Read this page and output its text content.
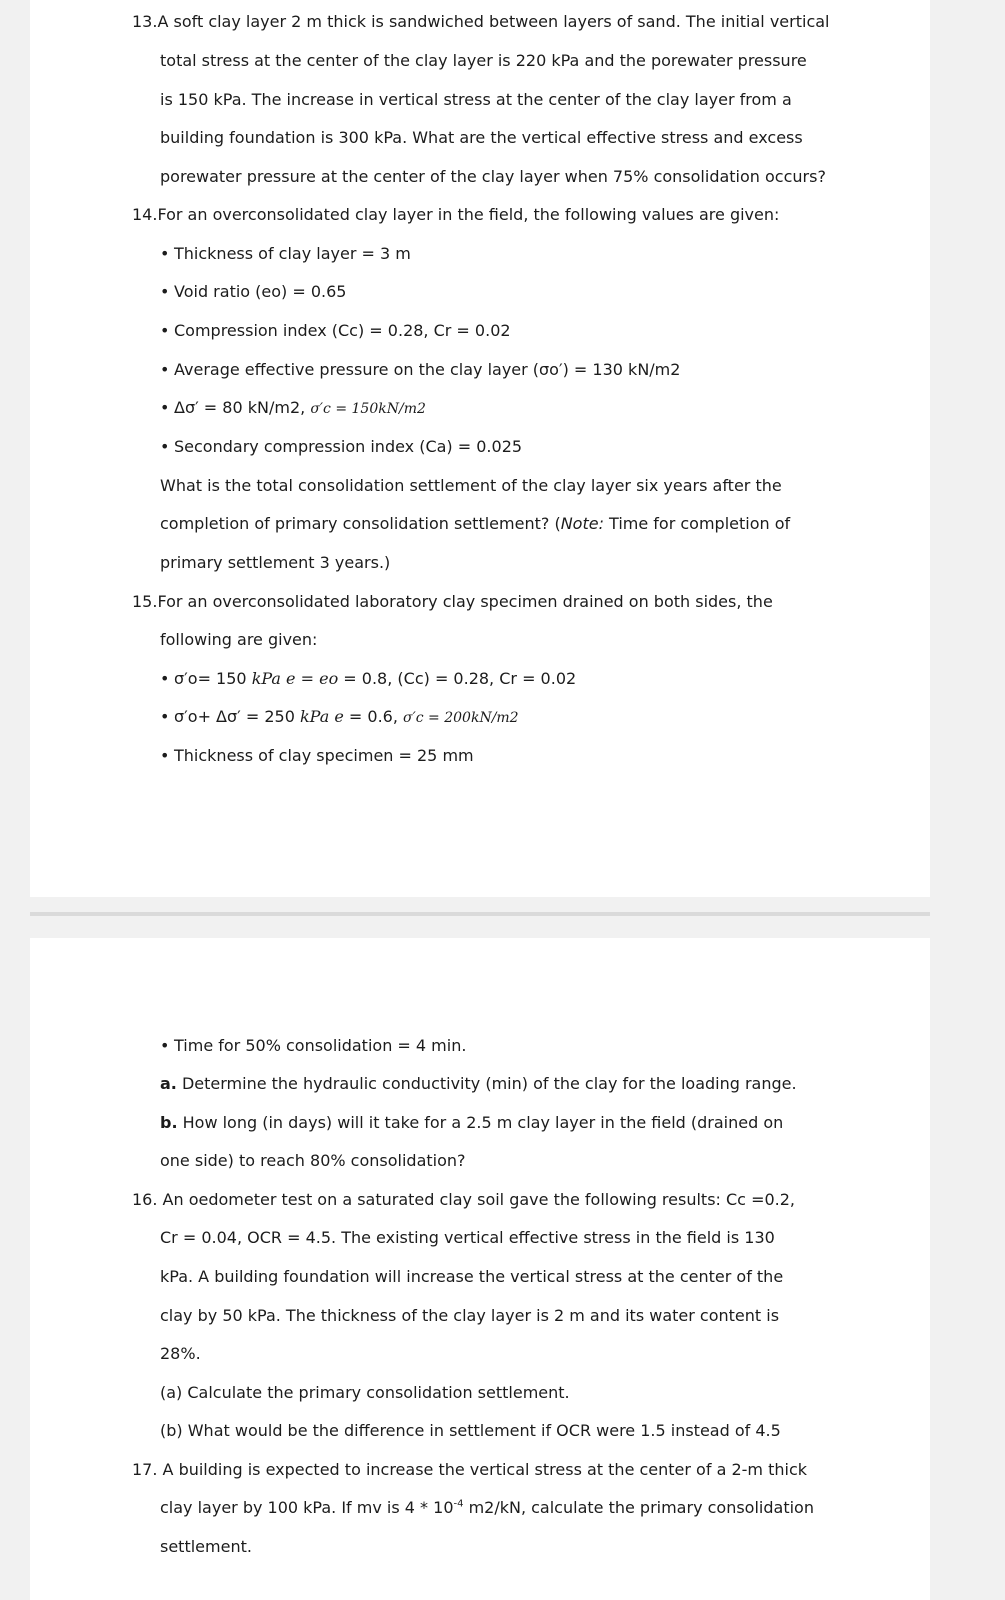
13.A soft clay layer 2 m thick is sandwiched between layers of sand. The initial vertical
total stress at the center of the clay layer is 220 kPa and the porewater pressure
is 150 kPa. The increase in vertical stress at the center of the clay layer from a
building foundation is 300 kPa. What are the vertical effective stress and excess
porewater pressure at the center of the clay layer when 75% consolidation occurs?
14.For an overconsolidated clay layer in the field, the following values are given:
• Thickness of clay layer = 3 m
• Void ratio (eo) = 0.65
• Compression index (Cc) = 0.28, Cr = 0.02
• Average effective pressure on the clay layer (σo′) = 130 kN/m2
• Δσ′ = 80 kN/m2, σ′c = 150kN/m2
• Secondary compression index (Ca) = 0.025
What is the total consolidation settlement of the clay layer six years after the
completion of primary consolidation settlement? (Note: Time for completion of
primary settlement 3 years.)
15.For an overconsolidated laboratory clay specimen drained on both sides, the
following are given:
• σ′o= 150 kPa e = eo = 0.8, (Cc) = 0.28, Cr = 0.02
• σ′o+ Δσ′ = 250 kPa e = 0.6, σ′c = 200kN/m2
• Thickness of clay specimen = 25 mm
• Time for 50% consolidation = 4 min.
a. Determine the hydraulic conductivity (min) of the clay for the loading range.
b. How long (in days) will it take for a 2.5 m clay layer in the field (drained on
one side) to reach 80% consolidation?
16. An oedometer test on a saturated clay soil gave the following results: Cc =0.2,
Cr = 0.04, OCR = 4.5. The existing vertical effective stress in the field is 130
kPa. A building foundation will increase the vertical stress at the center of the
clay by 50 kPa. The thickness of the clay layer is 2 m and its water content is
28%.
(a) Calculate the primary consolidation settlement.
(b) What would be the difference in settlement if OCR were 1.5 instead of 4.5
17. A building is expected to increase the vertical stress at the center of a 2-m thick
clay layer by 100 kPa. If mv is $4 * 10^{-4}$ m2/kN, calculate the primary consolidation
settlement.
